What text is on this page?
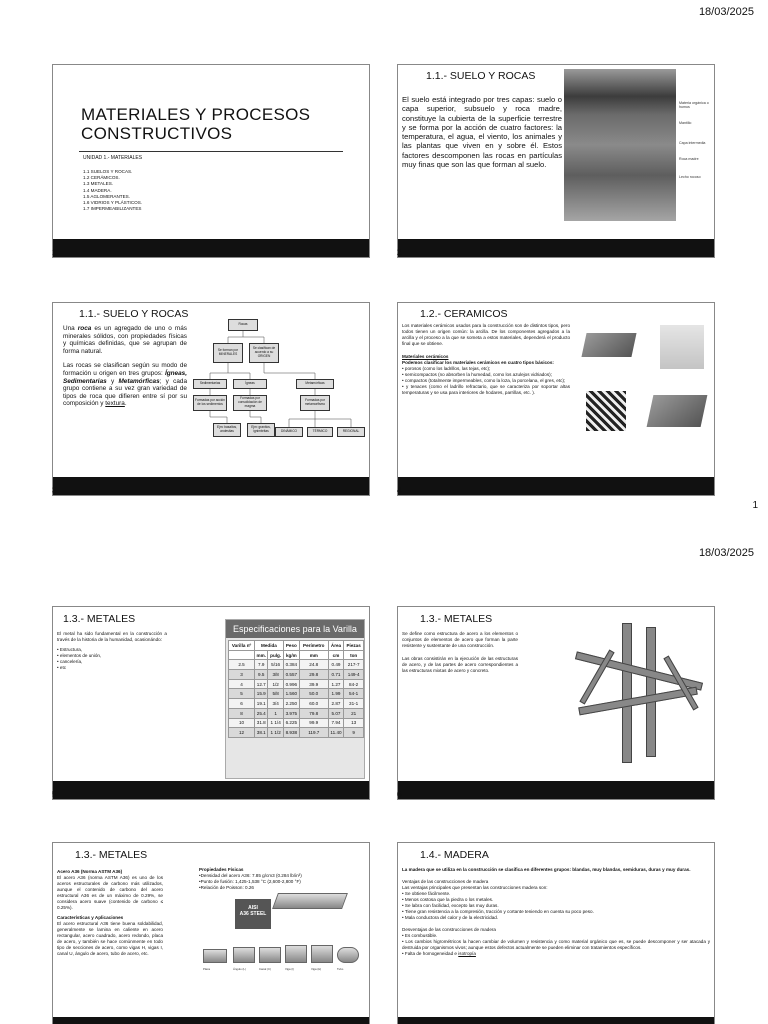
18/03/2025
MATERIALES Y PROCESOS
CONSTRUCTIVOS
UNIDAD 1.- MATERIALES
1.1 SUELOS Y ROCAS.
1.2 CERÁMICOS.
1.3 METALES.
1.4 MADERA.
1.5 AGLOMERANTES.
1.6 VIDRIOS Y PLÁSTICOS.
1.7 IMPERMEABILIZANTES
1
1.1.- SUELO Y ROCAS
El suelo está integrado por tres capas: suelo o capa superior, subsuelo y roca madre, constituye la cubierta de la superficie terrestre y se forma por la acción de cuatro factores: la temperatura, el agua, el viento, los animales y las plantas que viven en y sobre él. Estos factores descomponen las rocas en partículas muy finas que son las que forman al suelo.
Materia orgánica o humus
Mantillo
Capa intermedia
Roca madre
Lecho rocoso
2
1.1.- SUELO Y ROCAS

Una roca es un agregado de uno o más minerales sólidos, con propiedades físicas y químicas definidas, que se agrupan de forma natural.

Las rocas se clasifican según su modo de formación u origen en tres grupos: Ígneas, Sedimentarias y Metamórficas; y cada grupo contiene a su vez gran variedad de tipos de roca que difieren entre sí por su composición y textura.

Rocas
Se forman por MINERALES
Se clasifican de acuerdo a su ORIGEN
Sedimentarias	Ígneas	Metamórficas
Formadas por acción de los sedimentos
Formadas por consolidación de magma
Formadas por metamorfismo
Ejm: basaltos, andesitas
Ejm: granitos, ignimbritas	DINÁMICO	TÉRMICO	REGIONAL
3
1.2.- CERAMICOS

Los materiales cerámicos usados para la construcción son de distintos tipos, pero todos tienen un origen común: la arcilla. De los componentes agregados a la arcilla y el proceso a la que se someta a estos materiales, dependerá el producto final que se obtiene.

Materiales cerámicos

Podemos clasificar los materiales cerámicos en cuatro tipos básicos:

• porosos (como los ladrillos, las tejas, etc);
• semicompactos (no absorben la humedad, como los azulejos vidriados);
• compactos (totalmente impermeables, como la loza, la porcelana, el gres, etc);
• y tenaces (como el ladrillo refractario, que se caracteriza por soportar altas temperaturas y se usa para interiores de hodares, parrillas, etc. ).
4
1
18/03/2025
1.3.- METALES

El metal ha sido fundamental en la construcción a través de la historia de la humanidad, ocasionándo:

• Estructura,
• elementos de unión,
• cancelería,
• etc
Especificaciones para la Varilla
Varilla nº	Medida		Peso	Perímetro	Área	Piezas
	mm.	pulg.	kg/m	mm	cm	ton
2.5	7.9	5/16	0.384	24.8	0.49	217-7
3	9.5	3/8	0.557	29.8	0.71	149-4
4	12.7	1/2	0.996	39.9	1.27	84-2
5	15.9	5/8	1.560	50.0	1.99	54-1
6	19.1	3/4	2.250	60.0	2.87	31-1
8	25.4	1	3.975	79.8	5.07	21
10	31.8	1 1/4	6.225	99.9	7.94	13
12	38.1	1 1/2	8.938	119.7	11.40	9
5
1.3.- METALES

Se define como estructura de acero a los elementos o conjuntos de elementos de acero que forman la parte resistente y sustentante de una construcción.

Las obras consistirán en la ejecución de las estructuras de acero, y de las partes de acero correspondientes a las estructuras mixtas de acero y concreto.

6
1.3.- METALES

Acero A36 (Norma ASTM A36)

El acero A36 (norma ASTM A36) es uno de los aceros estructurales de carbono más utilizados, aunque el contenido de carbono del acero estructural A36 es de un máximo de 0.29%, se considera acero suave (contenido de carbono ≤ 0.25%).

Características y Aplicaciones

El acero estructural A36 tiene buena soldabilidad, generalmente se lamina en caliente en acero rectangular, acero cuadrado, acero redondo, placa de acero, y también se hace comúnmente en todo tipo de secciones de acero, como vigas H, vigas I, canal U, ángulo de acero, tubo de acero, etc.

Propiedades Físicas

•Densidad del acero A36: 7.85 g/cm3 (0.284 lb/in³)

•Punto de fusión: 1,425-1,538 °C (2,600-2,800 °F)

•Relación de Poisson: 0.26

AISI
A36 STEEL
Placa	Ángulo (L)	Canal (C)	Viga (I)	Viga (H)	Tubo
1.4.- MADERA

La madera que se utiliza en la construcción se clasifica en diferentes grupos: blandas, muy blandas, semiduras, duras y muy duras.

Ventajas de las construcciones de madera

Las ventajas principales que presentan las construcciones madera son:

• Se obtiene fácilmente.
• Menos costosa que la piedra o los metales.
• Se labra con facilidad, excepto las muy duras.
• Tiene gran resistencia a la compresión, tracción y cortante teniendo en cuenta su poco peso.
• Mala conductora del calor y de la electricidad.

Desventajas de las construcciones de madera

• Es combustible.
• Los cambios higrométricos la hacen cambiar de volumen y resistencia y como material orgánico que es, se puede descomponer y ser atacada y destruida por organismos vivos; aunque estos defectos actualmente se pueden eliminar con tratamientos específicos.
• Falta de homogeneidad e isotropía
